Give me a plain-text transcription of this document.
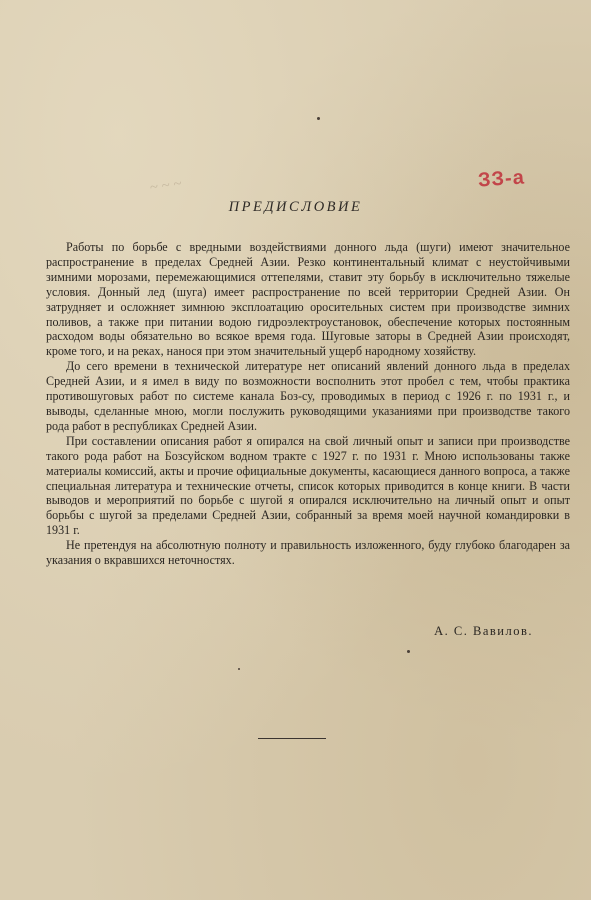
~ ~ ~	ЗЗ-а
ПРЕДИСЛОВИЕ

Работы по борьбе с вредными воздействиями донного льда (шуги) имеют значительное распространение в пределах Средней Азии. Резко континентальный климат с неустойчивыми зимними морозами, перемежающимися оттепелями, ставит эту борьбу в исключительно тяжелые условия. Донный лед (шуга) имеет распространение по всей территории Средней Азии. Он затрудняет и осложняет зимнюю эксплоатацию оросительных систем при производстве зимних поливов, а также при питании водою гидроэлектроустановок, обеспечение которых постоянным расходом воды обязательно во всякое время года. Шуговые заторы в Средней Азии происходят, кроме того, и на реках, нанося при этом значительный ущерб народному хозяйству.

До сего времени в технической литературе нет описаний явлений донного льда в пределах Средней Азии, и я имел в виду по возможности восполнить этот пробел с тем, чтобы практика противошуговых работ по системе канала Боз-су, проводимых в период с 1926 г. по 1931 г., и выводы, сделанные мною, могли послужить руководящими указаниями при производстве такого рода работ в республиках Средней Азии.

При составлении описания работ я опирался на свой личный опыт и записи при производстве такого рода работ на Бозсуйском водном тракте с 1927 г. по 1931 г. Мною использованы также материалы комиссий, акты и прочие официальные документы, касающиеся данного вопроса, а также специальная литература и технические отчеты, список которых приводится в конце книги. В части выводов и мероприятий по борьбе с шугой я опирался исключительно на личный опыт и опыт борьбы с шугой за пределами Средней Азии, собранный за время моей научной командировки в 1931 г.

Не претендуя на абсолютную полноту и правильность изложенного, буду глубоко благодарен за указания о вкравшихся неточностях.

А. С. Вавилов.
